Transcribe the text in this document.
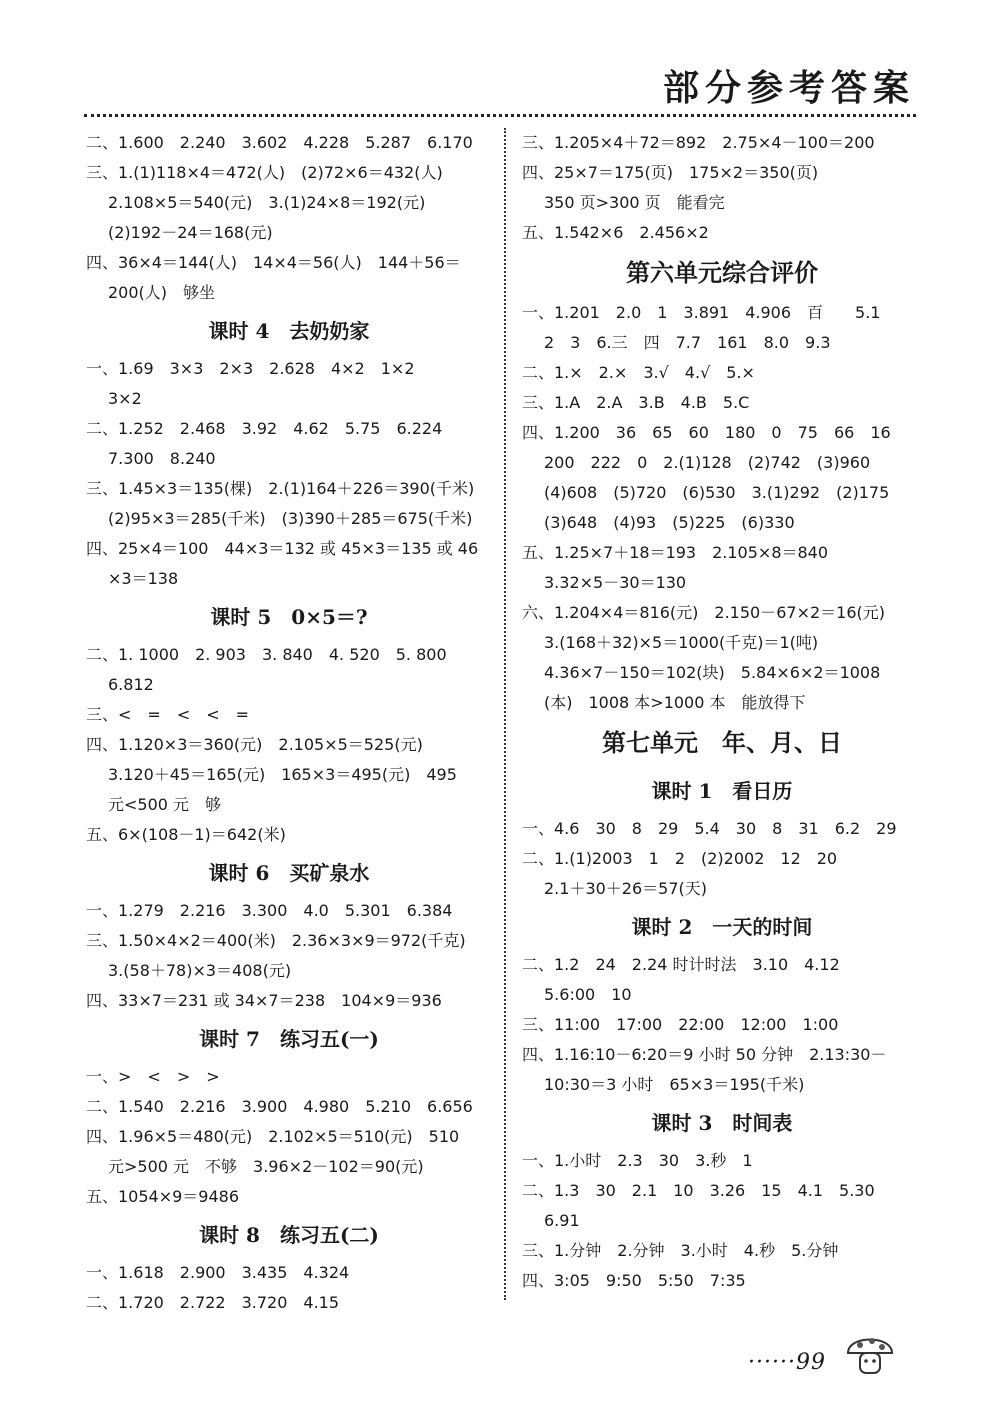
部分参考答案
二、1.600　2.240　3.602　4.228　5.287　6.170
三、1.(1)118×4＝472(人)　(2)72×6＝432(人)
2.108×5＝540(元)　3.(1)24×8＝192(元)
(2)192－24＝168(元)
四、36×4＝144(人)　14×4＝56(人)　144＋56＝
200(人)　够坐
课时 4　去奶奶家
一、1.69　3×3　2×3　2.628　4×2　1×2
3×2
二、1.252　2.468　3.92　4.62　5.75　6.224
7.300　8.240
三、1.45×3＝135(棵)　2.(1)164＋226＝390(千米)
(2)95×3＝285(千米)　(3)390＋285＝675(千米)
四、25×4＝100　44×3＝132 或 45×3＝135 或 46
×3＝138
课时 5　0×5＝?
二、1. 1000　2. 903　3. 840　4. 520　5. 800
6.812
三、<　=　<　<　=
四、1.120×3＝360(元)　2.105×5＝525(元)
3.120＋45＝165(元)　165×3＝495(元)　495
元<500 元　够
五、6×(108－1)＝642(米)
课时 6　买矿泉水
一、1.279　2.216　3.300　4.0　5.301　6.384
三、1.50×4×2＝400(米)　2.36×3×9＝972(千克)
3.(58＋78)×3＝408(元)
四、33×7＝231 或 34×7＝238　104×9＝936
课时 7　练习五(一)
一、>　<　>　>
二、1.540　2.216　3.900　4.980　5.210　6.656
四、1.96×5＝480(元)　2.102×5＝510(元)　510
元>500 元　不够　3.96×2－102＝90(元)
五、1054×9＝9486
课时 8　练习五(二)
一、1.618　2.900　3.435　4.324
二、1.720　2.722　3.720　4.15
三、1.205×4＋72＝892　2.75×4－100＝200
四、25×7＝175(页)　175×2＝350(页)
350 页>300 页　能看完
五、1.542×6　2.456×2
第六单元综合评价
一、1.201　2.0　1　3.891　4.906　百　　5.1
2　3　6.三　四　7.7　161　8.0　9.3
二、1.×　2.×　3.√　4.√　5.×
三、1.A　2.A　3.B　4.B　5.C
四、1.200　36　65　60　180　0　75　66　16
200　222　0　2.(1)128　(2)742　(3)960
(4)608　(5)720　(6)530　3.(1)292　(2)175
(3)648　(4)93　(5)225　(6)330
五、1.25×7＋18＝193　2.105×8＝840
3.32×5－30＝130
六、1.204×4＝816(元)　2.150－67×2＝16(元)
3.(168＋32)×5＝1000(千克)＝1(吨)
4.36×7－150＝102(块)　5.84×6×2＝1008
(本)　1008 本>1000 本　能放得下
第七单元　年、月、日
课时 1　看日历
一、4.6　30　8　29　5.4　30　8　31　6.2　29
二、1.(1)2003　1　2　(2)2002　12　20
2.1＋30＋26＝57(天)
课时 2　一天的时间
二、1.2　24　2.24 时计时法　3.10　4.12
5.6:00　10
三、11:00　17:00　22:00　12:00　1:00
四、1.16:10－6:20＝9 小时 50 分钟　2.13:30－
10:30＝3 小时　65×3＝195(千米)
课时 3　时间表
一、1.小时　2.3　30　3.秒　1
二、1.3　30　2.1　10　3.26　15　4.1　5.30
6.91
三、1.分钟　2.分钟　3.小时　4.秒　5.分钟
四、3:05　9:50　5:50　7:35
······99
